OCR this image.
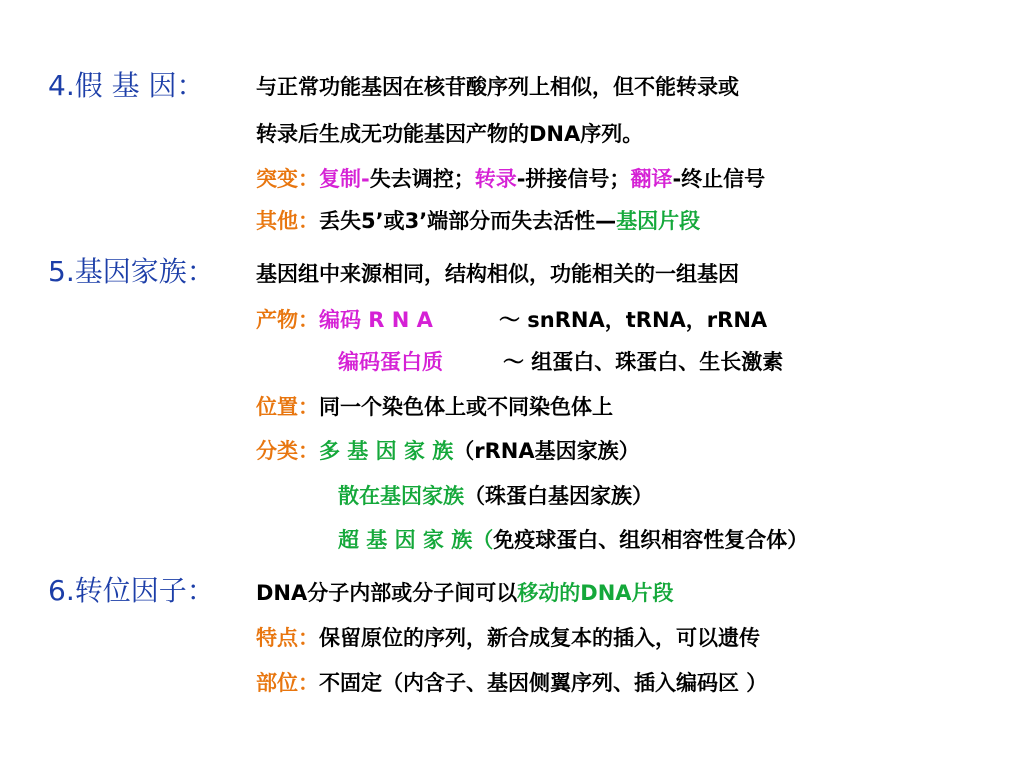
4.假 基 因： 与正常功能基因在核苷酸序列上相似，但不能转录或
转录后生成无功能基因产物的DNA序列。
突变：复制-失去调控；转录-拼接信号；翻译-终止信号
其他：丢失5’或3’端部分而失去活性—基因片段
5.基因家族： 基因组中来源相同，结构相似，功能相关的一组基因
产物：编码 R N A	～ snRNA，tRNA，rRNA
编码蛋白质	～ 组蛋白、珠蛋白、生长激素
位置：同一个染色体上或不同染色体上
分类：多 基 因 家 族（rRNA基因家族）
散在基因家族（珠蛋白基因家族）
超 基 因 家 族（免疫球蛋白、组织相容性复合体）
6.转位因子： DNA分子内部或分子间可以移动的DNA片段
特点：保留原位的序列，新合成复本的插入，可以遗传
部位：不固定（内含子、基因侧翼序列、插入编码区 ）
